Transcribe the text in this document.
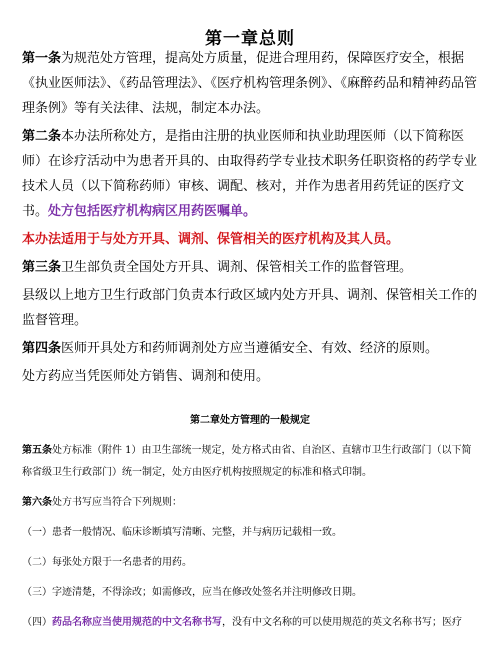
第一章总则

第一条为规范处方管理，提高处方质量，促进合理用药，保障医疗安全，根据《执业医师法》、《药品管理法》、《医疗机构管理条例》、《麻醉药品和精神药品管理条例》等有关法律、法规，制定本办法。

第二条本办法所称处方，是指由注册的执业医师和执业助理医师（以下简称医师）在诊疗活动中为患者开具的、由取得药学专业技术职务任职资格的药学专业技术人员（以下简称药师）审核、调配、核对，并作为患者用药凭证的医疗文书。处方包括医疗机构病区用药医嘱单。

本办法适用于与处方开具、调剂、保管相关的医疗机构及其人员。

第三条卫生部负责全国处方开具、调剂、保管相关工作的监督管理。

县级以上地方卫生行政部门负责本行政区域内处方开具、调剂、保管相关工作的监督管理。

第四条医师开具处方和药师调剂处方应当遵循安全、有效、经济的原则。

处方药应当凭医师处方销售、调剂和使用。

第二章处方管理的一般规定

第五条处方标准（附件 1）由卫生部统一规定，处方格式由省、自治区、直辖市卫生行政部门（以下简称省级卫生行政部门）统一制定，处方由医疗机构按照规定的标准和格式印制。

第六条处方书写应当符合下列规则：

（一）患者一般情况、临床诊断填写清晰、完整，并与病历记载相一致。

（二）每张处方限于一名患者的用药。

（三）字迹清楚，不得涂改；如需修改，应当在修改处签名并注明修改日期。

（四）药品名称应当使用规范的中文名称书写，没有中文名称的可以使用规范的英文名称书写；医疗
